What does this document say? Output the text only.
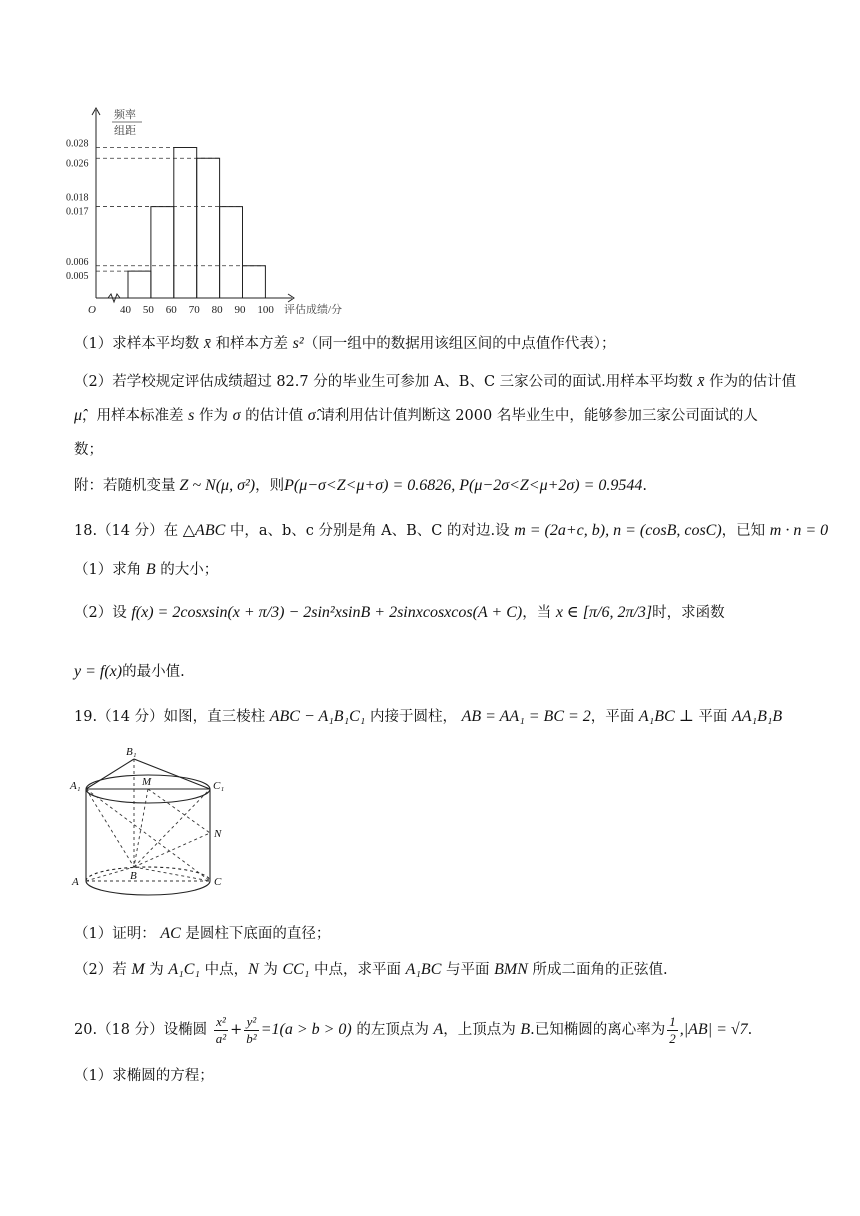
0.028
0.026
0.018
0.017
0.006
0.005
40 50 60 70 80 90 100
O	评估成绩/分
频率
组距
（1）求样本平均数 x̄ 和样本方差 s²（同一组中的数据用该组区间的中点值作代表）；
（2）若学校规定评估成绩超过 82.7 分的毕业生可参加 A、B、C 三家公司的面试.用样本平均数 x̄ 作为的估计值
μ̂，用样本标准差 s 作为 σ 的估计值 σ̂.请利用估计值判断这 2000 名毕业生中，能够参加三家公司面试的人
数；
附：若随机变量 Z ~ N(μ, σ²)，则P(μ−σ<Z<μ+σ) = 0.6826, P(μ−2σ<Z<μ+2σ) = 0.9544.
18.（14 分）在 △ABC 中，a、b、c 分别是角 A、B、C 的对边.设 m = (2a+c, b), n = (cosB, cosC)，已知 m · n = 0
（1）求角 B 的大小；
（2）设 f(x) = 2cosxsin(x + π/3) − 2sin²xsinB + 2sinxcosxcos(A + C)，当 x ∈ [π/6, 2π/3]时，求函数
y = f(x)的最小值.
19.（14 分）如图，直三棱柱 ABC − A₁B₁C₁ 内接于圆柱， AB = AA₁ = BC = 2，平面 A₁BC ⊥ 平面 AA₁B₁B
B₁
M
A₁	C₁
N
B
A	C
（1）证明： AC 是圆柱下底面的直径；
（2）若 M 为 A₁C₁ 中点，N 为 CC₁ 中点，求平面 A₁BC 与平面 BMN 所成二面角的正弦值.
20.（18 分）设椭圆 $\frac{\text{x²}}{\text{a²}} + \frac{\text{y²}}{\text{b²}} =1(a > b > 0)$ 的左顶点为 A，上顶点为 B.已知椭圆的离心率为 $\frac{1}{2} ,|AB| = √7$.
（1）求椭圆的方程；
